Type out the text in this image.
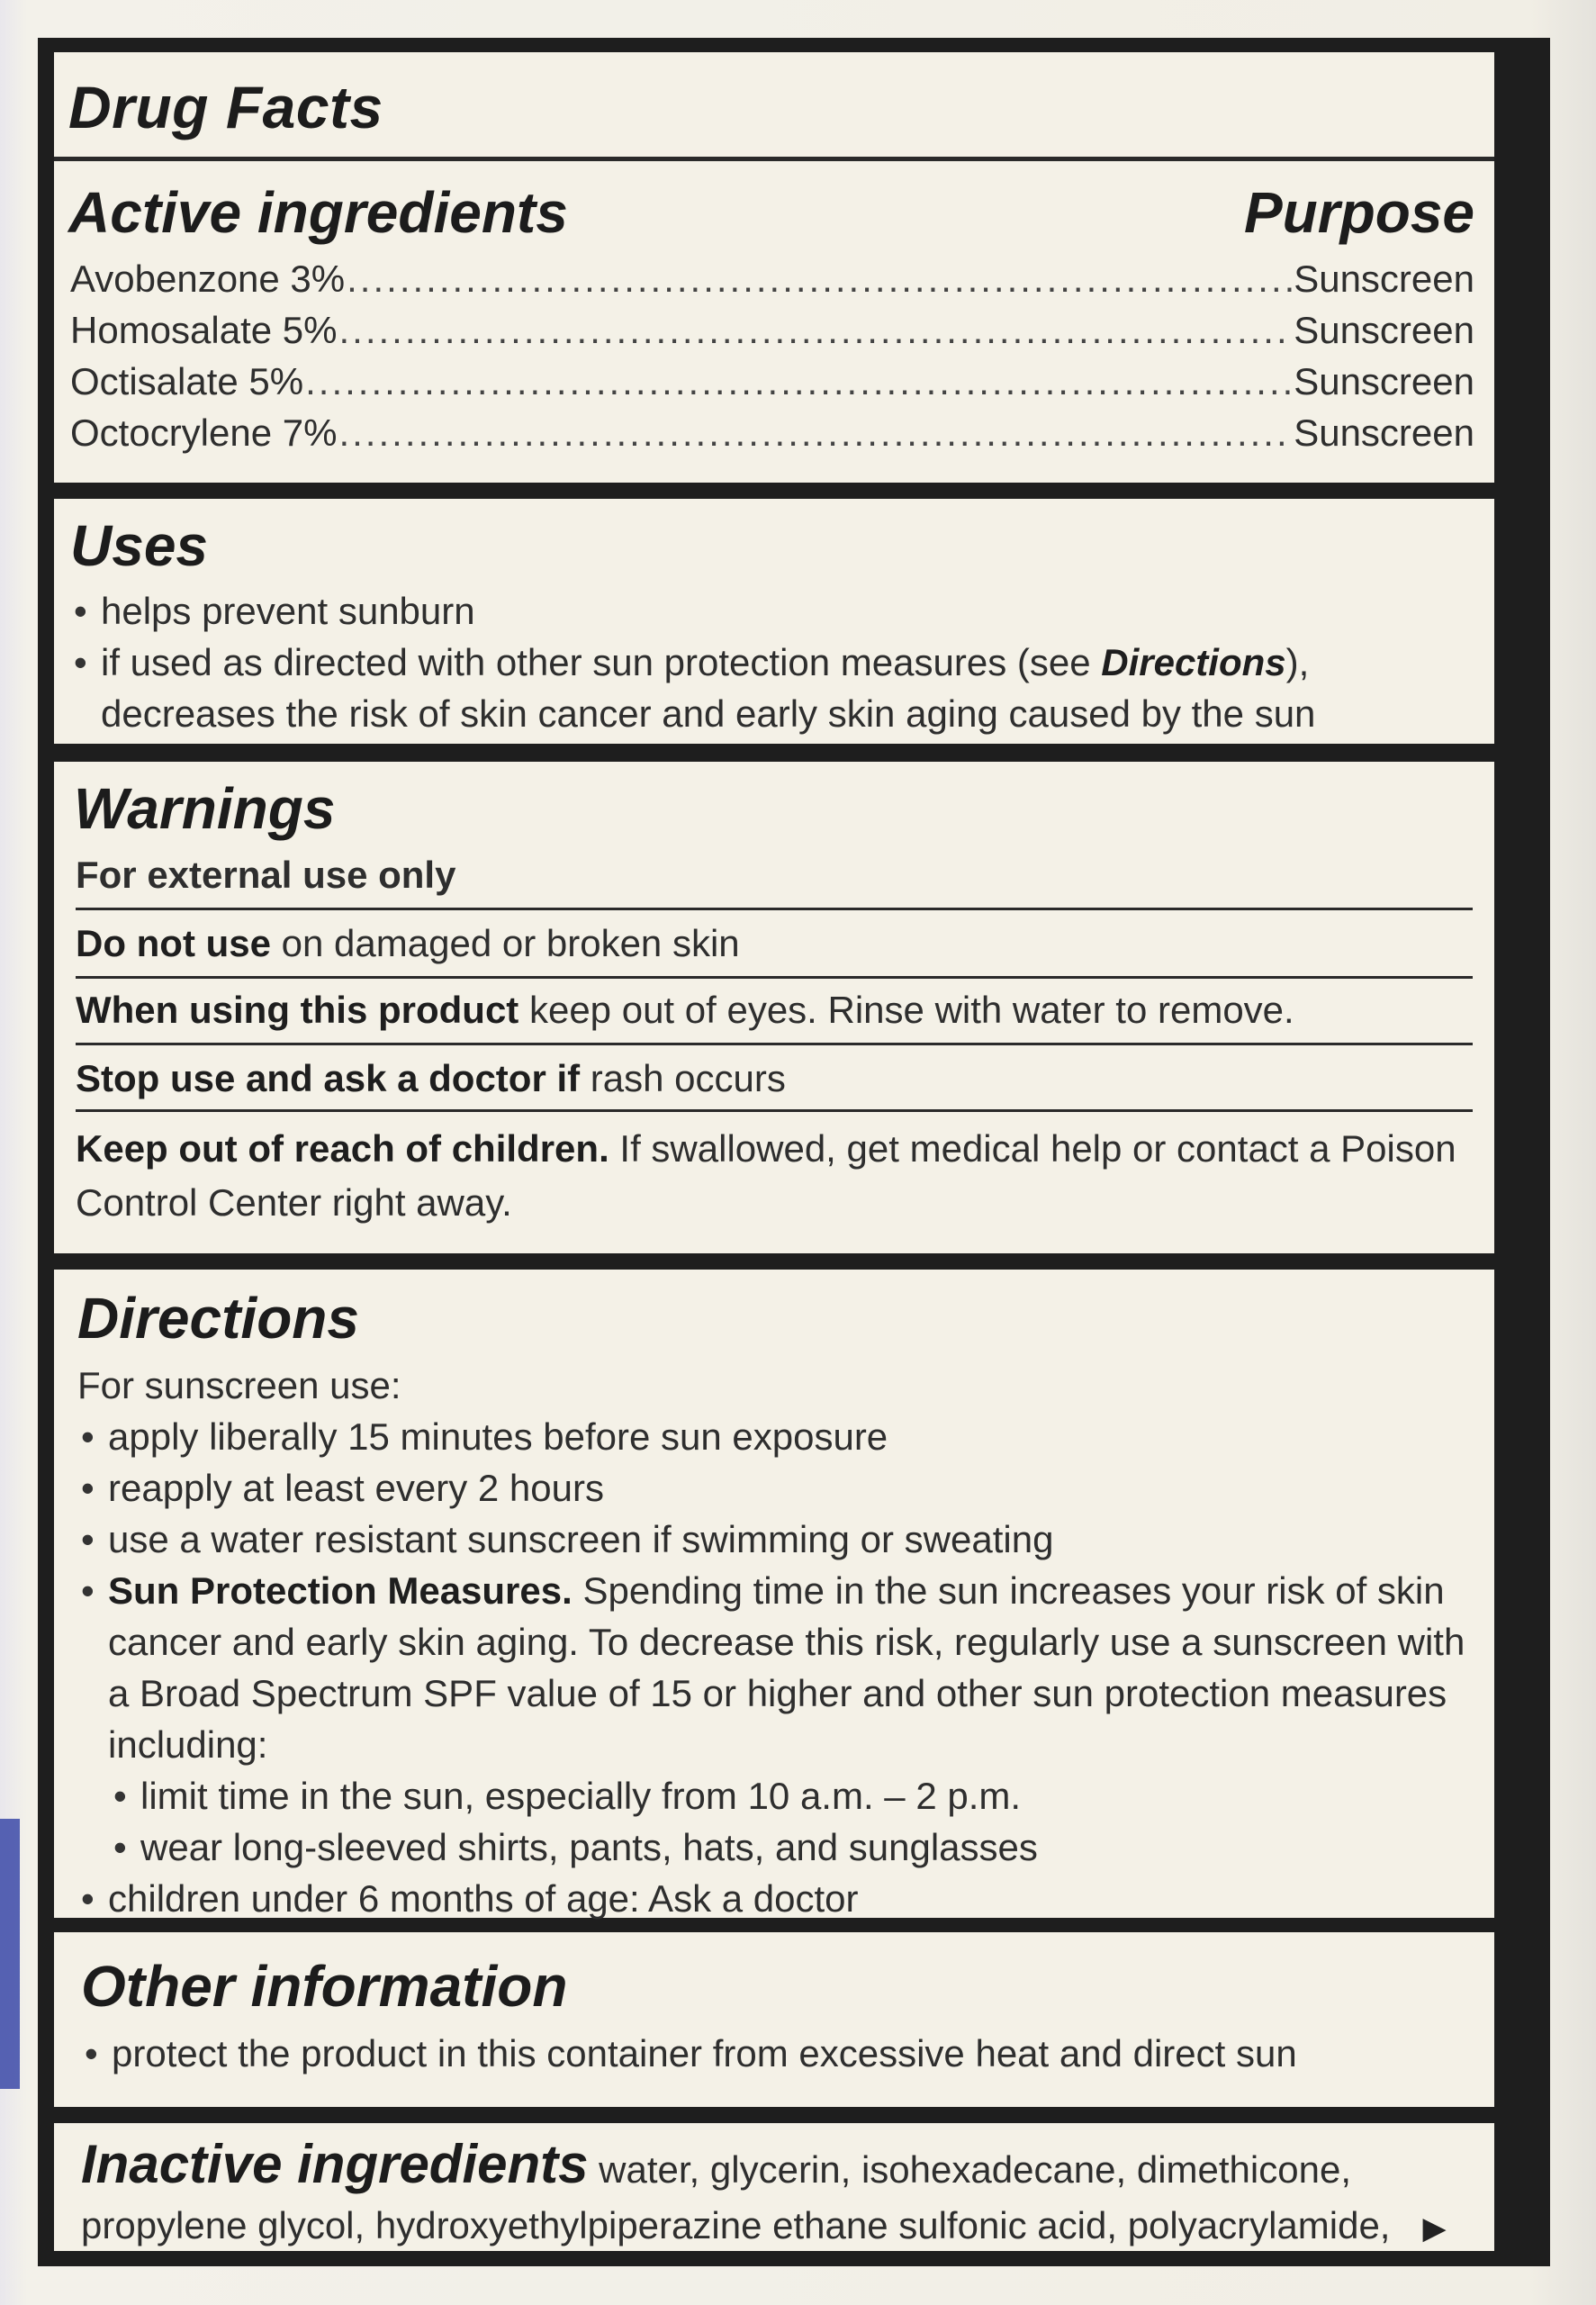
Drug Facts
Active ingredients	Purpose
Avobenzone 3% .....	Sunscreen
Homosalate 5% .....	Sunscreen
Octisalate 5% .....	Sunscreen
Octocrylene 7% .....	Sunscreen
Uses
• helps prevent sunburn
• if used as directed with other sun protection measures (see Directions),
decreases the risk of skin cancer and early skin aging caused by the sun
Warnings
For external use only
Do not use on damaged or broken skin
When using this product keep out of eyes. Rinse with water to remove.
Stop use and ask a doctor if rash occurs
Keep out of reach of children. If swallowed, get medical help or contact a Poison
Control Center right away.
Directions
For sunscreen use:
• apply liberally 15 minutes before sun exposure
• reapply at least every 2 hours
• use a water resistant sunscreen if swimming or sweating
• Sun Protection Measures. Spending time in the sun increases your risk of skin
cancer and early skin aging. To decrease this risk, regularly use a sunscreen with
a Broad Spectrum SPF value of 15 or higher and other sun protection measures
including:
• limit time in the sun, especially from 10 a.m. – 2 p.m.
• wear long-sleeved shirts, pants, hats, and sunglasses
• children under 6 months of age: Ask a doctor
Other information
• protect the product in this container from excessive heat and direct sun
Inactive ingredients water, glycerin, isohexadecane, dimethicone,
propylene glycol, hydroxyethylpiperazine ethane sulfonic acid, polyacrylamide, ▶
